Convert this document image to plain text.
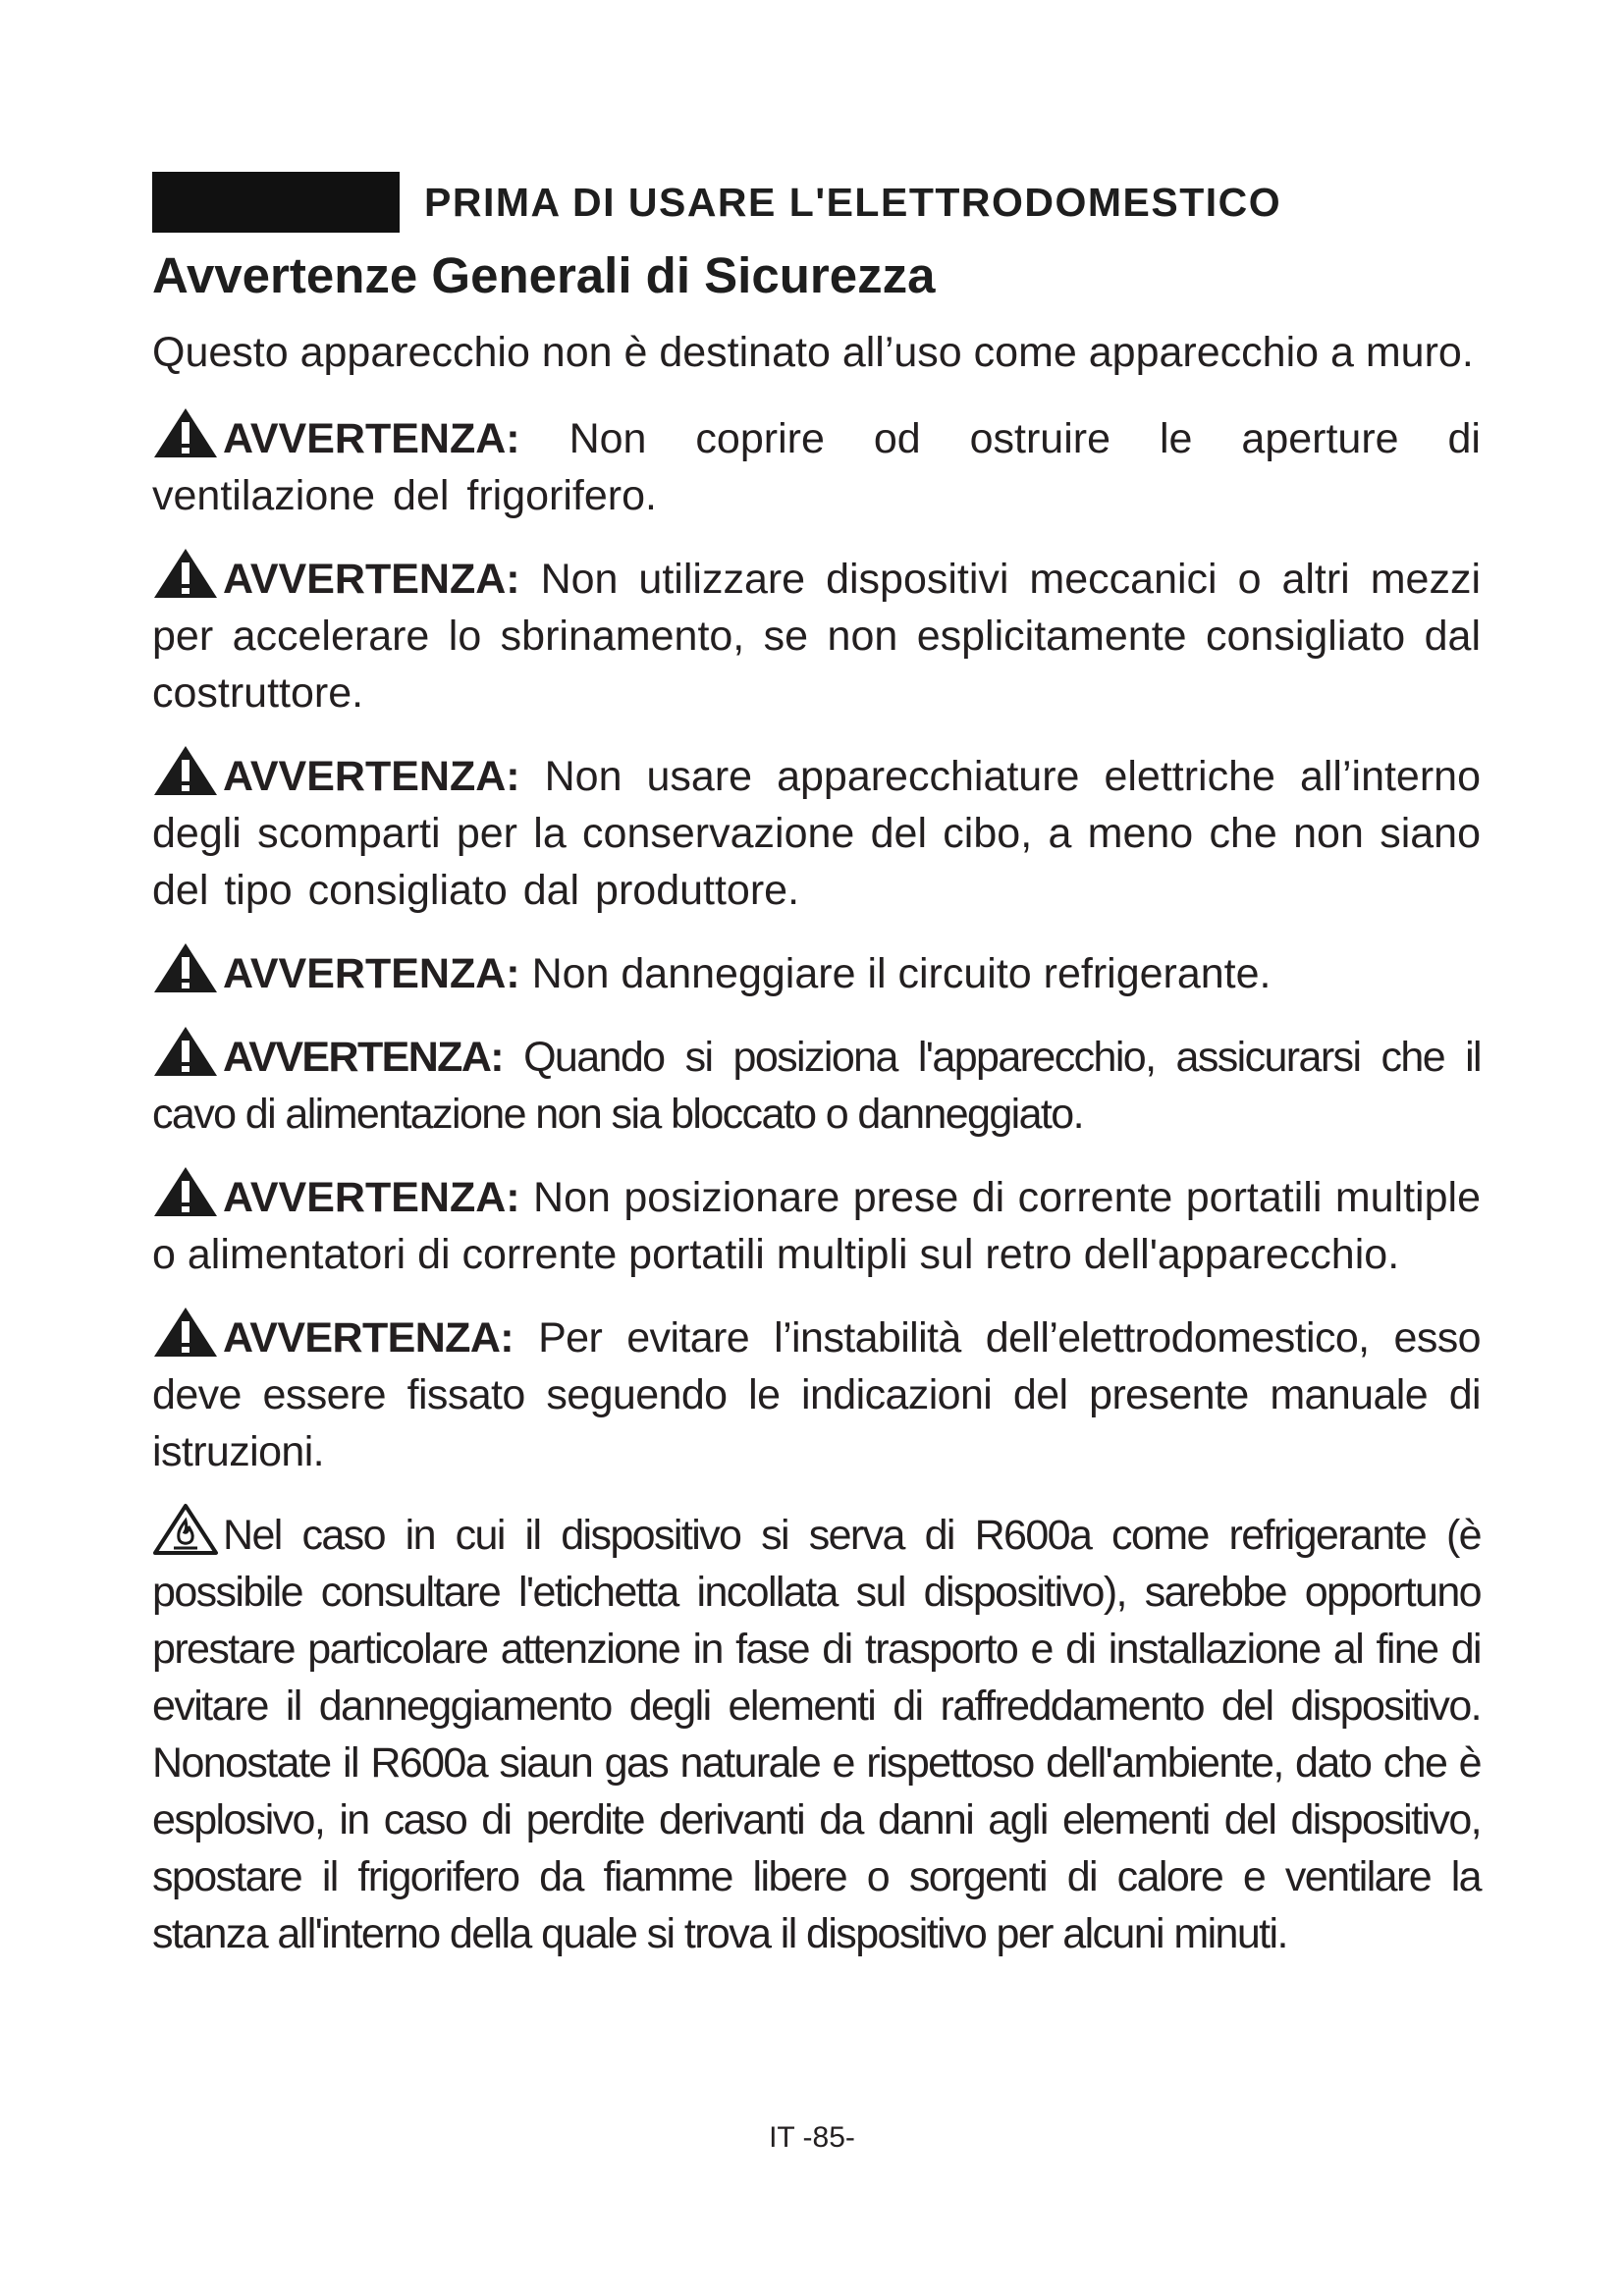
PRIMA DI USARE L'ELETTRODOMESTICO
Avvertenze Generali di Sicurezza

Questo apparecchio non è destinato all’uso come apparecchio a muro.

AVVERTENZA: Non coprire od ostruire le aperture di ventilazione del frigorifero.

AVVERTENZA: Non utilizzare dispositivi meccanici o altri mezzi per accelerare lo sbrinamento, se non esplicitamente consigliato dal costruttore.

AVVERTENZA: Non usare apparecchiature elettriche all’interno degli scomparti per la conservazione del cibo, a meno che non siano del tipo consigliato dal produttore.

AVVERTENZA: Non danneggiare il circuito refrigerante.

AVVERTENZA: Quando si posiziona l'apparecchio, assicurarsi che il cavo di alimentazione non sia bloccato o danneggiato.

AVVERTENZA: Non posizionare prese di corrente portatili multiple o alimentatori di corrente portatili multipli sul retro dell'apparecchio.

AVVERTENZA: Per evitare l’instabilità dell’elettrodomestico, esso deve essere fissato seguendo le indicazioni del presente manuale di istruzioni.

Nel caso in cui il dispositivo si serva di R600a come refrigerante (è possibile consultare l'etichetta incollata sul dispositivo), sarebbe opportuno prestare particolare attenzione in fase di trasporto e di installazione al fine di evitare il danneggiamento degli elementi di raffreddamento del dispositivo. Nonostate il R600a siaun gas naturale e rispettoso dell'ambiente, dato che è esplosivo, in caso di perdite derivanti da danni agli elementi del dispositivo, spostare il frigorifero da fiamme libere o sorgenti di calore e ventilare la stanza all'interno della quale si trova il dispositivo per alcuni minuti.

IT -85-
